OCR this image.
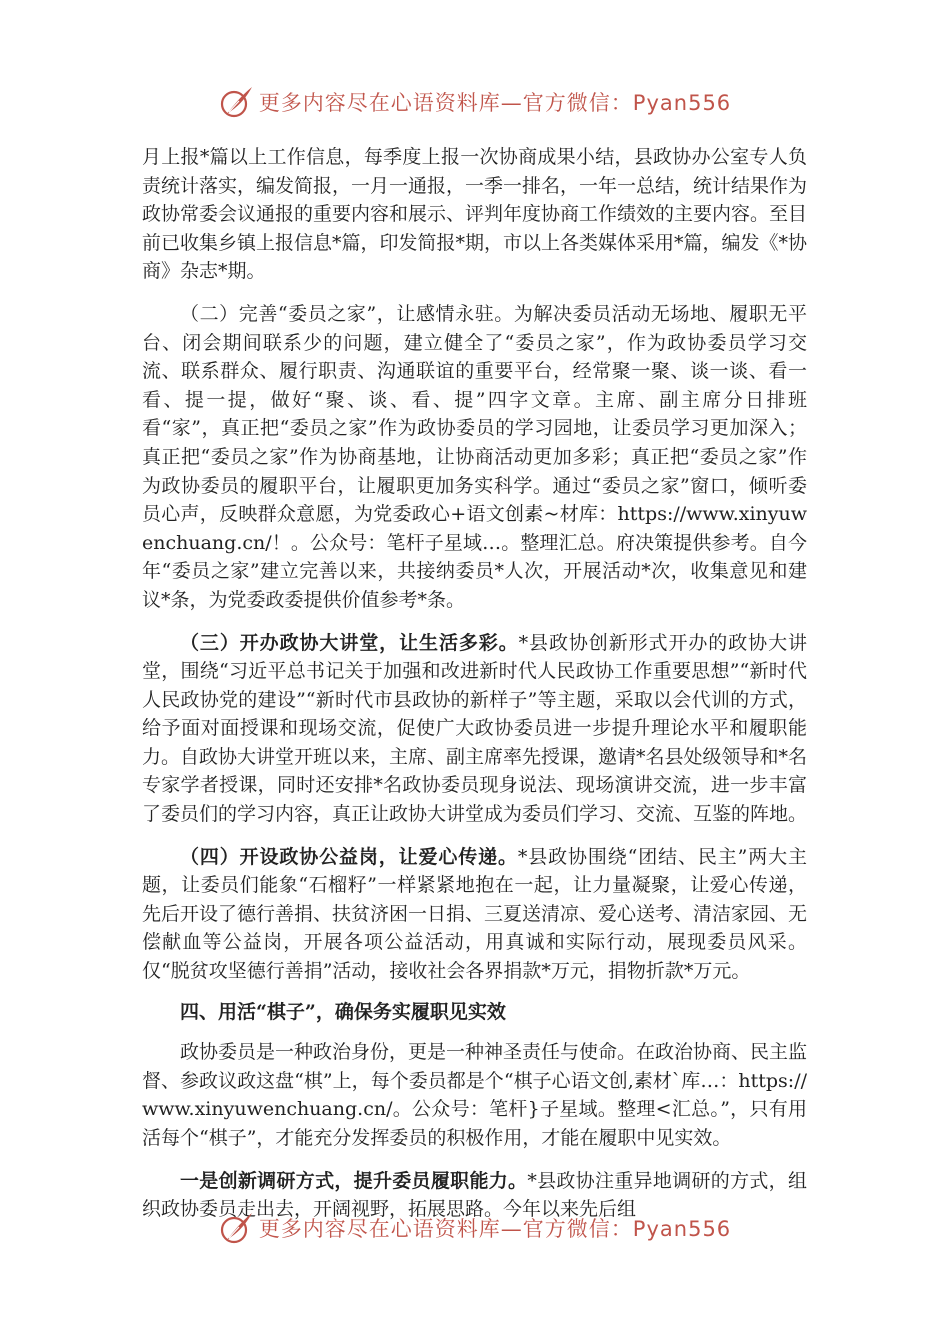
更多内容尽在心语资料库—官方微信：Pyan556

月上报*篇以上工作信息，每季度上报一次协商成果小结，县政协办公室专人负责统计落实，编发简报，一月一通报，一季一排名，一年一总结，统计结果作为政协常委会议通报的重要内容和展示、评判年度协商工作绩效的主要内容。至目前已收集乡镇上报信息*篇，印发简报*期，市以上各类媒体采用*篇，编发《*协商》杂志*期。

（二）完善“委员之家”，让感情永驻。为解决委员活动无场地、履职无平台、闭会期间联系少的问题，建立健全了“委员之家”，作为政协委员学习交流、联系群众、履行职责、沟通联谊的重要平台，经常聚一聚、谈一谈、看一看、提一提，做好“聚、谈、看、提”四字文章。主席、副主席分日排班看“家”，真正把“委员之家”作为政协委员的学习园地，让委员学习更加深入；真正把“委员之家”作为协商基地，让协商活动更加多彩；真正把“委员之家”作为政协委员的履职平台，让履职更加务实科学。通过“委员之家”窗口，倾听委员心声，反映群众意愿，为党委政心+语文创素~材库：https://www.xinyuwenchuang.cn/！。公众号：笔杆子星域…。整理汇总。府决策提供参考。自今年“委员之家”建立完善以来，共接纳委员*人次，开展活动*次，收集意见和建议*条，为党委政委提供价值参考*条。

（三）开办政协大讲堂，让生活多彩。*县政协创新形式开办的政协大讲堂，围绕“习近平总书记关于加强和改进新时代人民政协工作重要思想”“新时代人民政协党的建设”“新时代市县政协的新样子”等主题，采取以会代训的方式，给予面对面授课和现场交流，促使广大政协委员进一步提升理论水平和履职能力。自政协大讲堂开班以来，主席、副主席率先授课，邀请*名县处级领导和*名专家学者授课，同时还安排*名政协委员现身说法、现场演讲交流，进一步丰富了委员们的学习内容，真正让政协大讲堂成为委员们学习、交流、互鉴的阵地。

（四）开设政协公益岗，让爱心传递。*县政协围绕“团结、民主”两大主题，让委员们能象“石榴籽”一样紧紧地抱在一起，让力量凝聚，让爱心传递，先后开设了德行善捐、扶贫济困一日捐、三夏送清凉、爱心送考、清洁家园、无偿献血等公益岗，开展各项公益活动，用真诚和实际行动，展现委员风采。仅“脱贫攻坚德行善捐”活动，接收社会各界捐款*万元，捐物折款*万元。

四、用活“棋子”，确保务实履职见实效

政协委员是一种政治身份，更是一种神圣责任与使命。在政治协商、民主监督、参政议政这盘“棋”上，每个委员都是个“棋子心语文创,素材`库…：https://www.xinyuwenchuang.cn/。公众号：笔杆}子星域。整理<汇总。”，只有用活每个“棋子”，才能充分发挥委员的积极作用，才能在履职中见实效。

一是创新调研方式，提升委员履职能力。*县政协注重异地调研的方式，组织政协委员走出去，开阔视野，拓展思路。今年以来先后组

更多内容尽在心语资料库—官方微信：Pyan556
